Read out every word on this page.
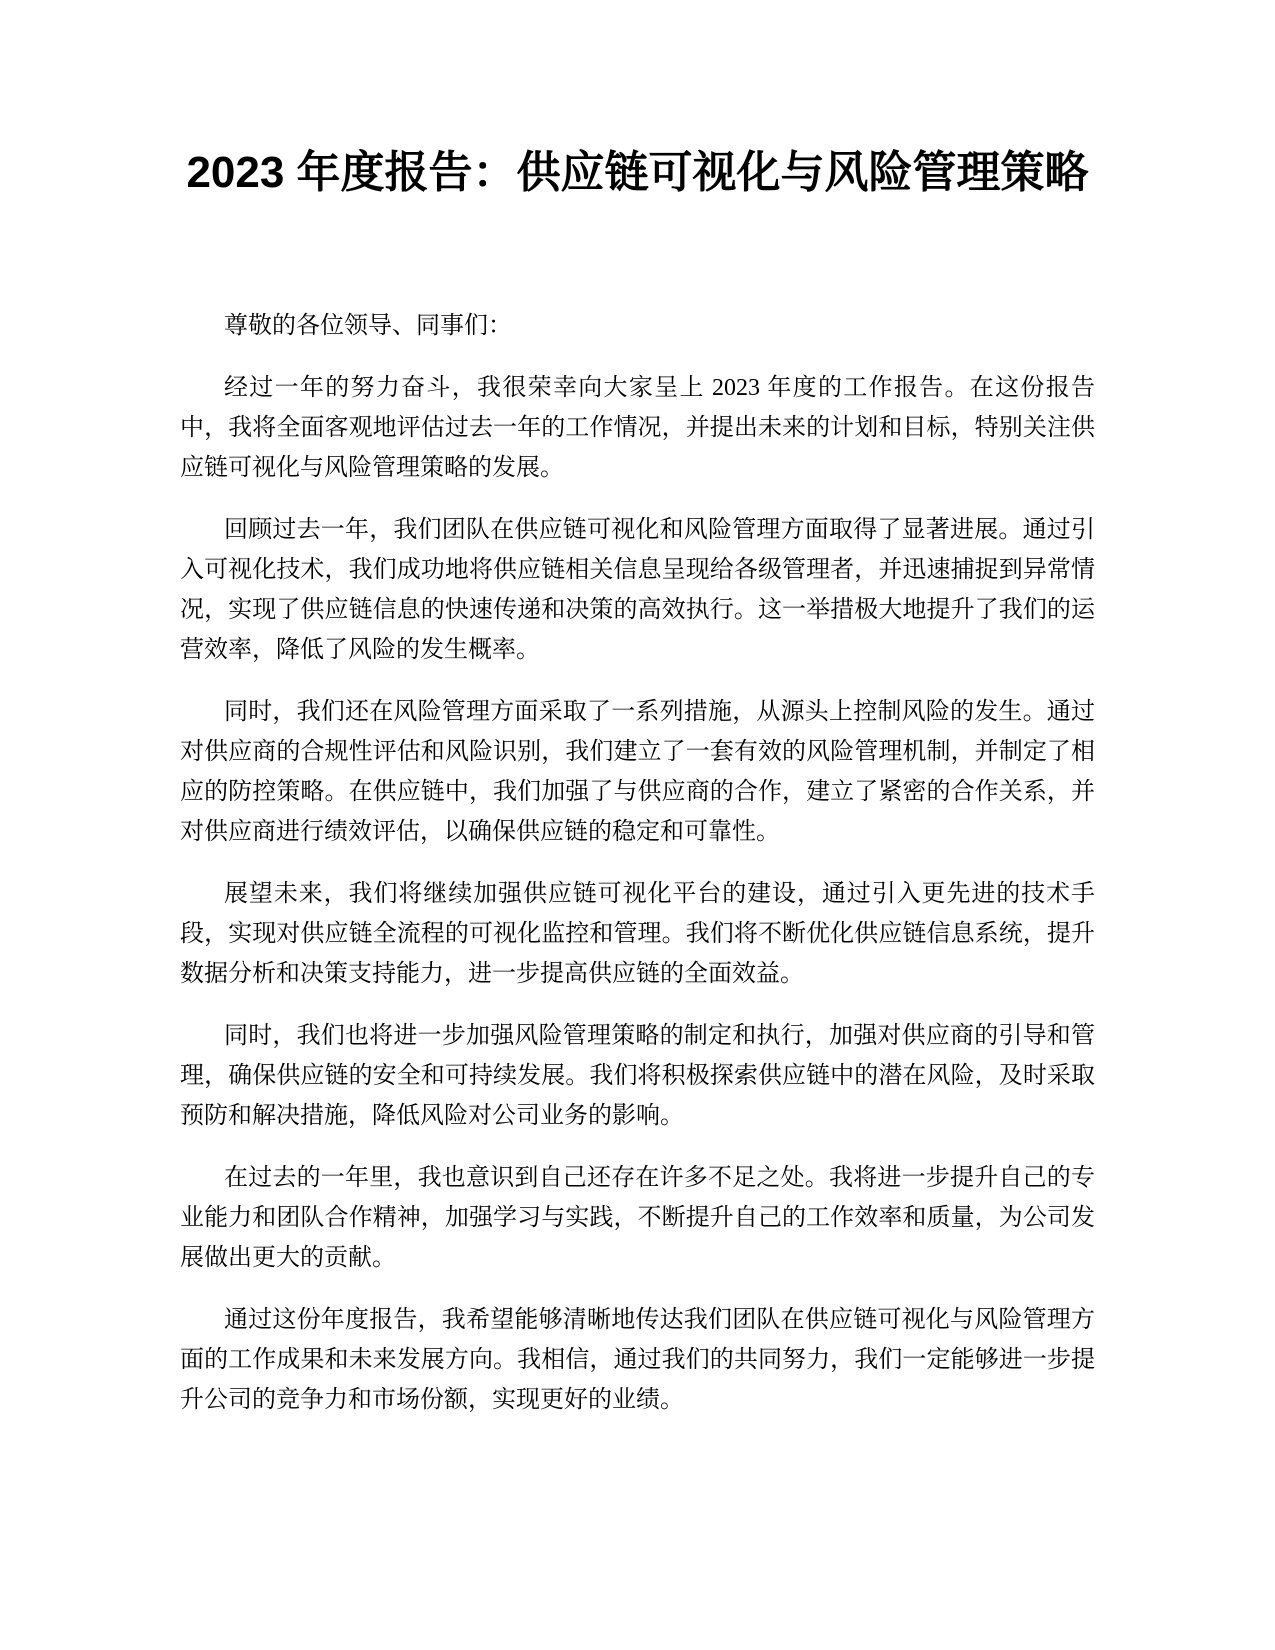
2023 年度报告：供应链可视化与风险管理策略

尊敬的各位领导、同事们：

经过一年的努力奋斗，我很荣幸向大家呈上 2023 年度的工作报告。在这份报告中，我将全面客观地评估过去一年的工作情况，并提出未来的计划和目标，特别关注供应链可视化与风险管理策略的发展。

回顾过去一年，我们团队在供应链可视化和风险管理方面取得了显著进展。通过引入可视化技术，我们成功地将供应链相关信息呈现给各级管理者，并迅速捕捉到异常情况，实现了供应链信息的快速传递和决策的高效执行。这一举措极大地提升了我们的运营效率，降低了风险的发生概率。

同时，我们还在风险管理方面采取了一系列措施，从源头上控制风险的发生。通过对供应商的合规性评估和风险识别，我们建立了一套有效的风险管理机制，并制定了相应的防控策略。在供应链中，我们加强了与供应商的合作，建立了紧密的合作关系，并对供应商进行绩效评估，以确保供应链的稳定和可靠性。

展望未来，我们将继续加强供应链可视化平台的建设，通过引入更先进的技术手段，实现对供应链全流程的可视化监控和管理。我们将不断优化供应链信息系统，提升数据分析和决策支持能力，进一步提高供应链的全面效益。

同时，我们也将进一步加强风险管理策略的制定和执行，加强对供应商的引导和管理，确保供应链的安全和可持续发展。我们将积极探索供应链中的潜在风险，及时采取预防和解决措施，降低风险对公司业务的影响。

在过去的一年里，我也意识到自己还存在许多不足之处。我将进一步提升自己的专业能力和团队合作精神，加强学习与实践，不断提升自己的工作效率和质量，为公司发展做出更大的贡献。

通过这份年度报告，我希望能够清晰地传达我们团队在供应链可视化与风险管理方面的工作成果和未来发展方向。我相信，通过我们的共同努力，我们一定能够进一步提升公司的竞争力和市场份额，实现更好的业绩。
